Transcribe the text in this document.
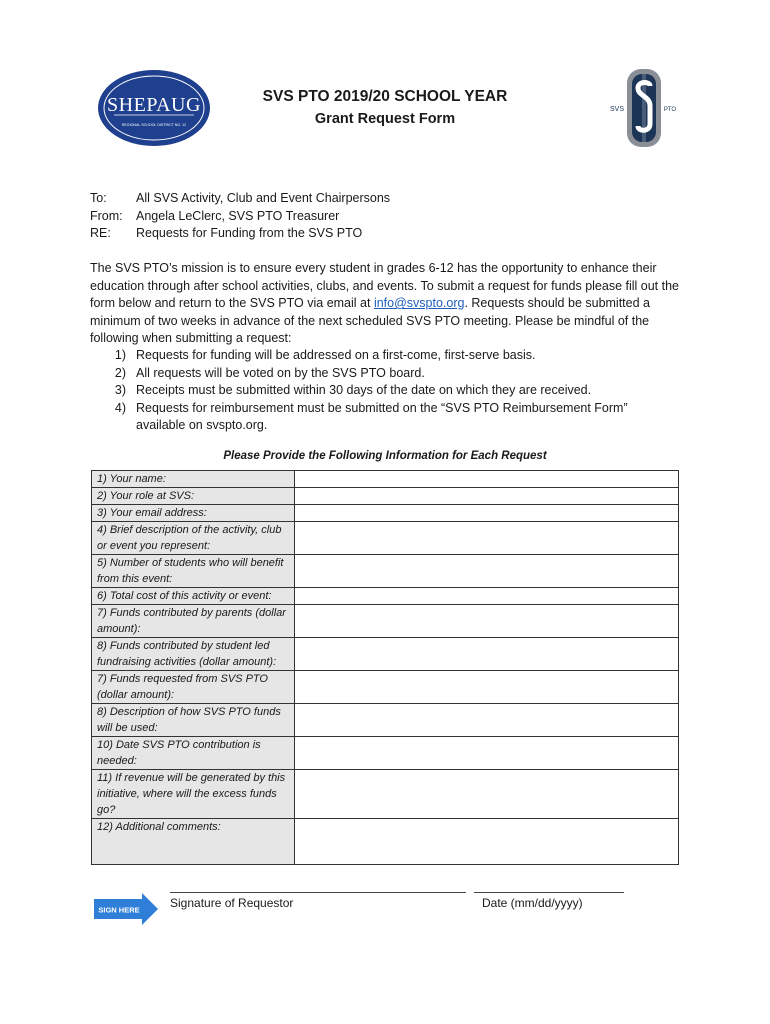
SHEPAUG
REGIONAL SCHOOL DISTRICT NO. 12

SVS PTO 2019/20 SCHOOL YEAR

Grant Request Form

SVS	PTO
To:	All SVS Activity, Club and Event Chairpersons
From:	Angela LeClerc, SVS PTO Treasurer
RE:	Requests for Funding from the SVS PTO
The SVS PTO’s mission is to ensure every student in grades 6-12 has the opportunity to enhance their education through after school activities, clubs, and events. To submit a request for funds please fill out the form below and return to the SVS PTO via email at info@svspto.org. Requests should be submitted a minimum of two weeks in advance of the next scheduled SVS PTO meeting. Please be mindful of the following when submitting a request:
1) Requests for funding will be addressed on a first-come, first-serve basis.
2) All requests will be voted on by the SVS PTO board.
3) Receipts must be submitted within 30 days of the date on which they are received.
4) Requests for reimbursement must be submitted on the “SVS PTO Reimbursement Form” available on svspto.org.
Please Provide the Following Information for Each Request
1) Your name:	
2) Your role at SVS:	
3) Your email address:	
4) Brief description of the activity, club or event you represent:	
5) Number of students who will benefit from this event:	
6) Total cost of this activity or event:	
7) Funds contributed by parents (dollar amount):	
8) Funds contributed by student led fundraising activities (dollar amount):	
7) Funds requested from SVS PTO (dollar amount):	
8) Description of how SVS PTO funds will be used:	
10) Date SVS PTO contribution is needed:	
11) If revenue will be generated by this initiative, where will the excess funds go?	
12) Additional comments:	
SIGN HERE	Signature of Requestor	Date (mm/dd/yyyy)
